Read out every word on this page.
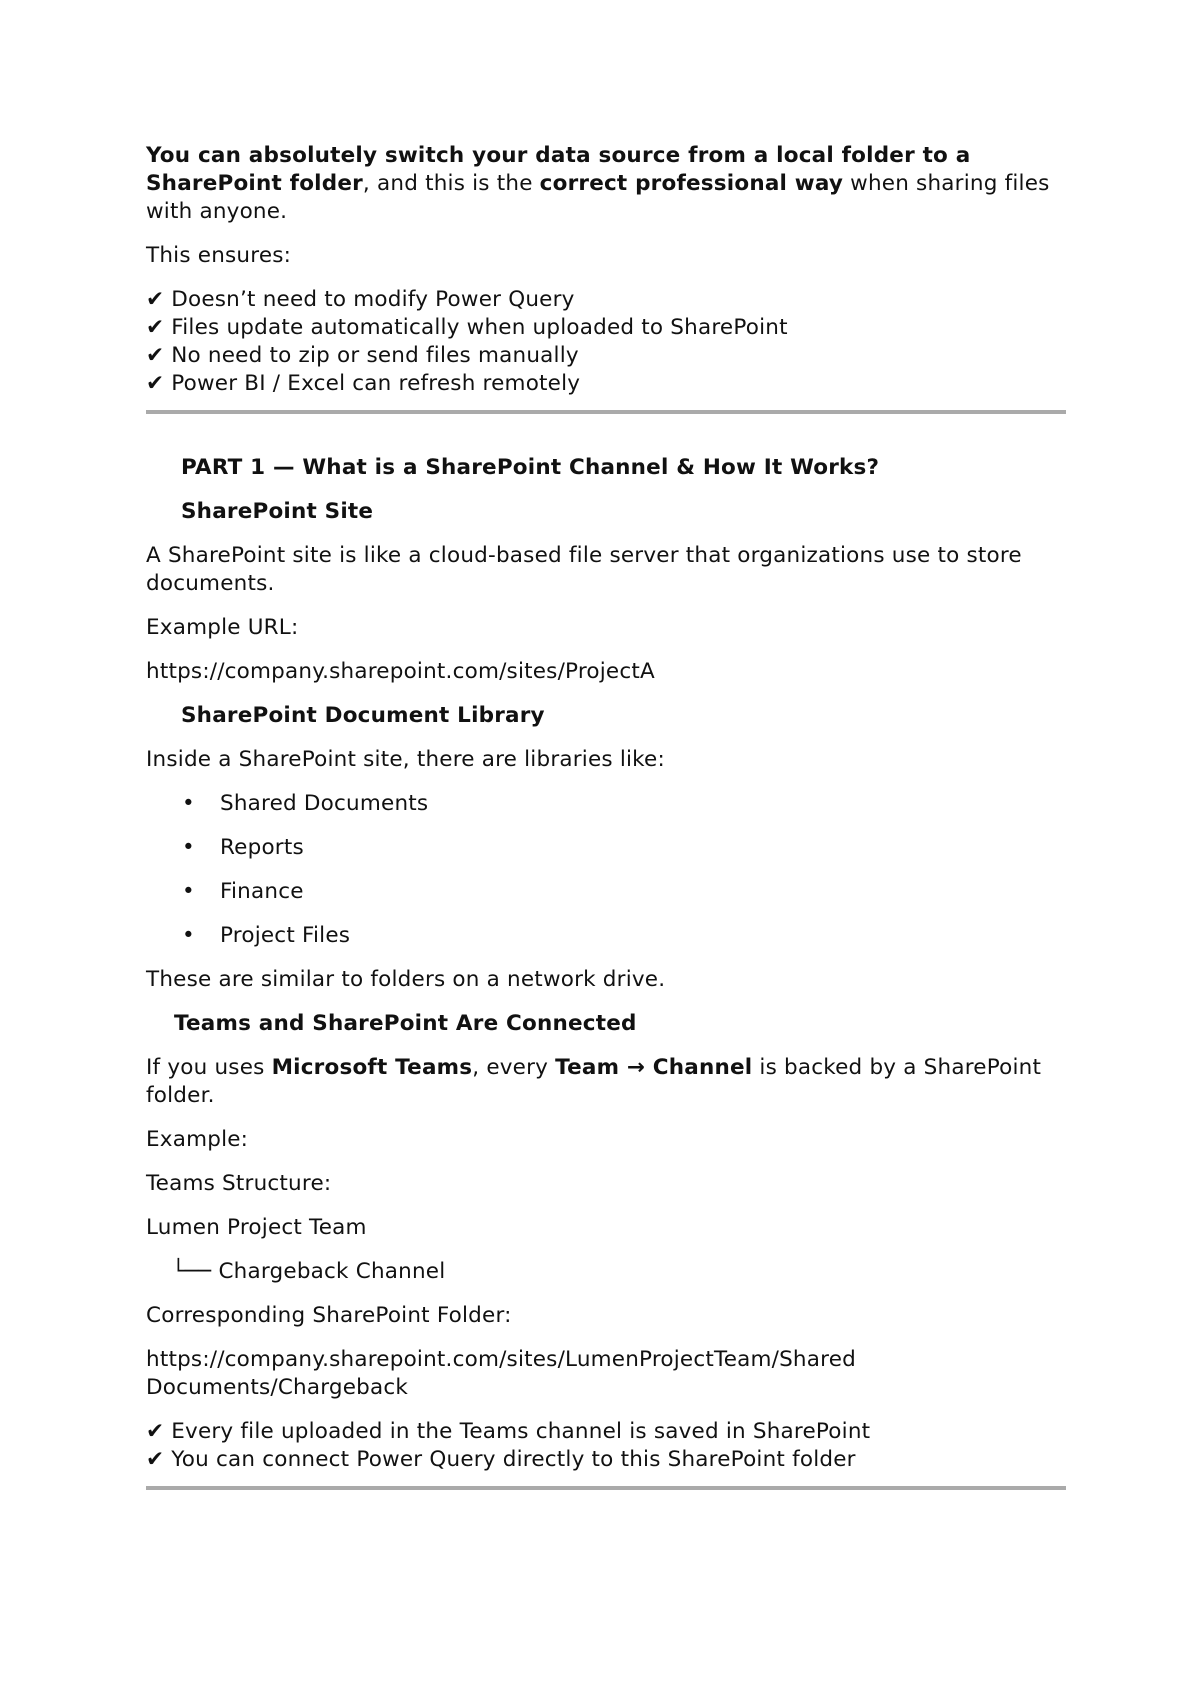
You can absolutely switch your data source from a local folder to a SharePoint folder, and this is the correct professional way when sharing files with anyone.

This ensures:

✔ Doesn’t need to modify Power Query
✔ Files update automatically when uploaded to SharePoint
✔ No need to zip or send files manually
✔ Power BI / Excel can refresh remotely

PART 1 — What is a SharePoint Channel & How It Works?

SharePoint Site

A SharePoint site is like a cloud-based file server that organizations use to store documents.

Example URL:

https://company.sharepoint.com/sites/ProjectA

SharePoint Document Library

Inside a SharePoint site, there are libraries like:

•	Shared Documents
•	Reports
•	Finance
•	Project Files

These are similar to folders on a network drive.

Teams and SharePoint Are Connected

If you uses Microsoft Teams, every Team → Channel is backed by a SharePoint folder.

Example:

Teams Structure:

Lumen Project Team

└── Chargeback Channel

Corresponding SharePoint Folder:

https://company.sharepoint.com/sites/LumenProjectTeam/Shared
Documents/Chargeback

✔ Every file uploaded in the Teams channel is saved in SharePoint
✔ You can connect Power Query directly to this SharePoint folder
